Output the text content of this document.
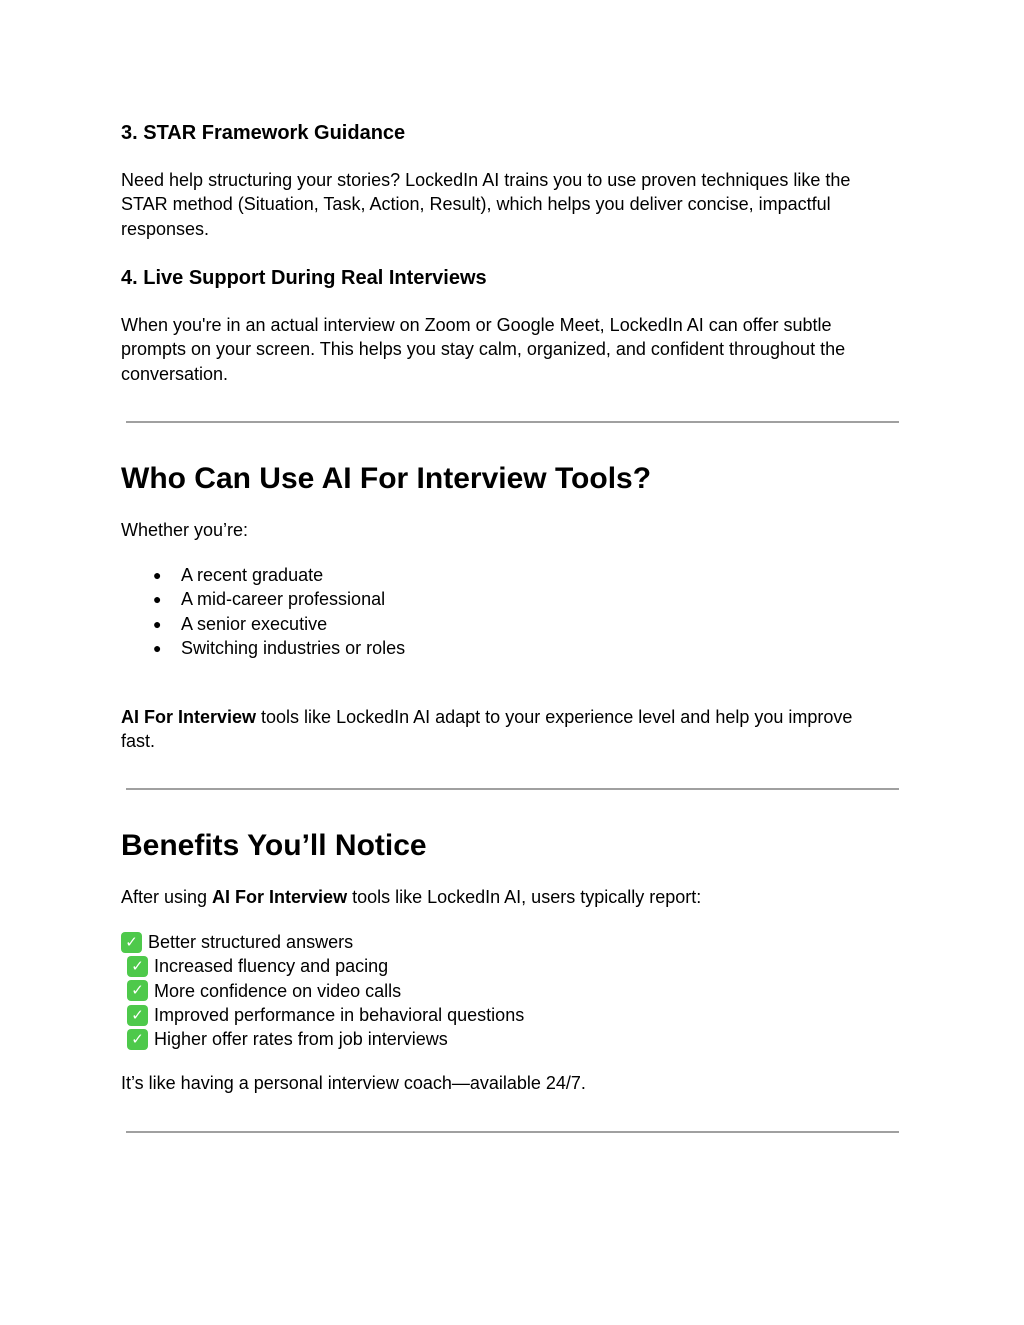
3. STAR Framework Guidance

Need help structuring your stories? LockedIn AI trains you to use proven techniques like the STAR method (Situation, Task, Action, Result), which helps you deliver concise, impactful responses.

4. Live Support During Real Interviews

When you're in an actual interview on Zoom or Google Meet, LockedIn AI can offer subtle prompts on your screen. This helps you stay calm, organized, and confident throughout the conversation.

Who Can Use AI For Interview Tools?

Whether you’re:

● A recent graduate
● A mid-career professional
● A senior executive
● Switching industries or roles

AI For Interview tools like LockedIn AI adapt to your experience level and help you improve fast.

Benefits You’ll Notice

After using AI For Interview tools like LockedIn AI, users typically report:

✓ Better structured answers
✓ Increased fluency and pacing
✓ More confidence on video calls
✓ Improved performance in behavioral questions
✓ Higher offer rates from job interviews

It’s like having a personal interview coach—available 24/7.
